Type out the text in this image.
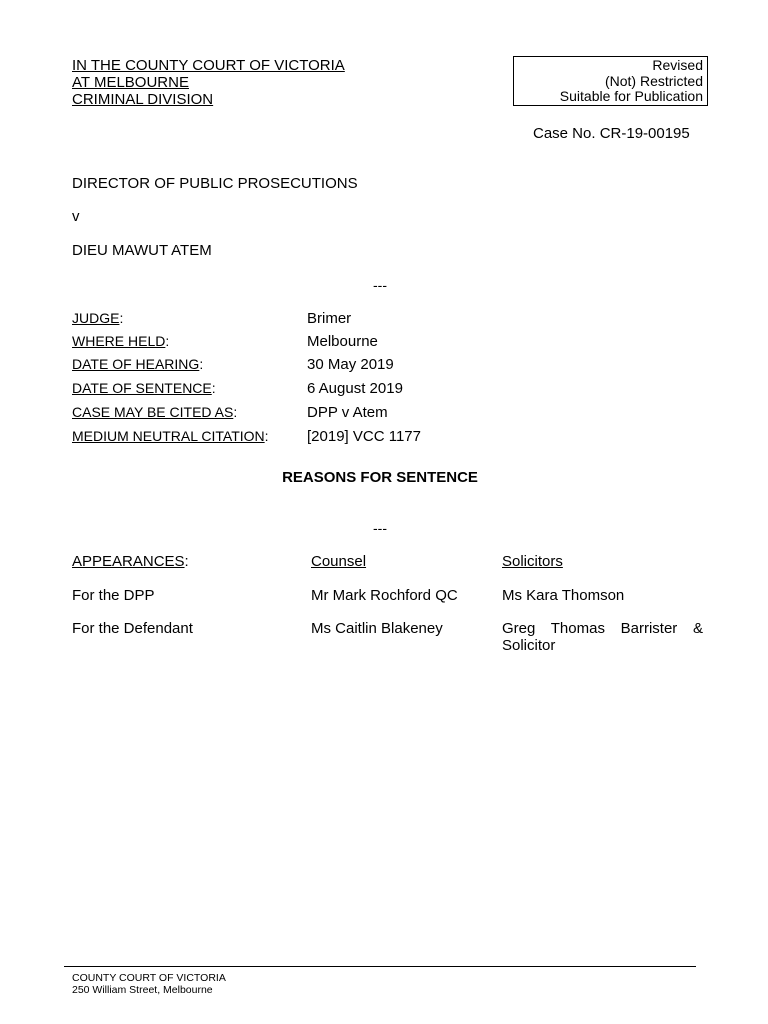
IN THE COUNTY COURT OF VICTORIA
AT MELBOURNE
CRIMINAL DIVISION
Revised
(Not) Restricted
Suitable for Publication
Case No. CR-19-00195
DIRECTOR OF PUBLIC PROSECUTIONS
v
DIEU MAWUT ATEM
---
JUDGE:	Brimer
WHERE HELD:	Melbourne
DATE OF HEARING:	30 May 2019
DATE OF SENTENCE:	6 August 2019
CASE MAY BE CITED AS:	DPP v Atem
MEDIUM NEUTRAL CITATION:	[2019] VCC 1177
REASONS FOR SENTENCE
---
APPEARANCES:	Counsel	Solicitors
For the DPP	Mr Mark Rochford QC	Ms Kara Thomson
For the Defendant	Ms Caitlin Blakeney	Greg Thomas Barrister & Solicitor
COUNTY COURT OF VICTORIA
250 William Street, Melbourne
